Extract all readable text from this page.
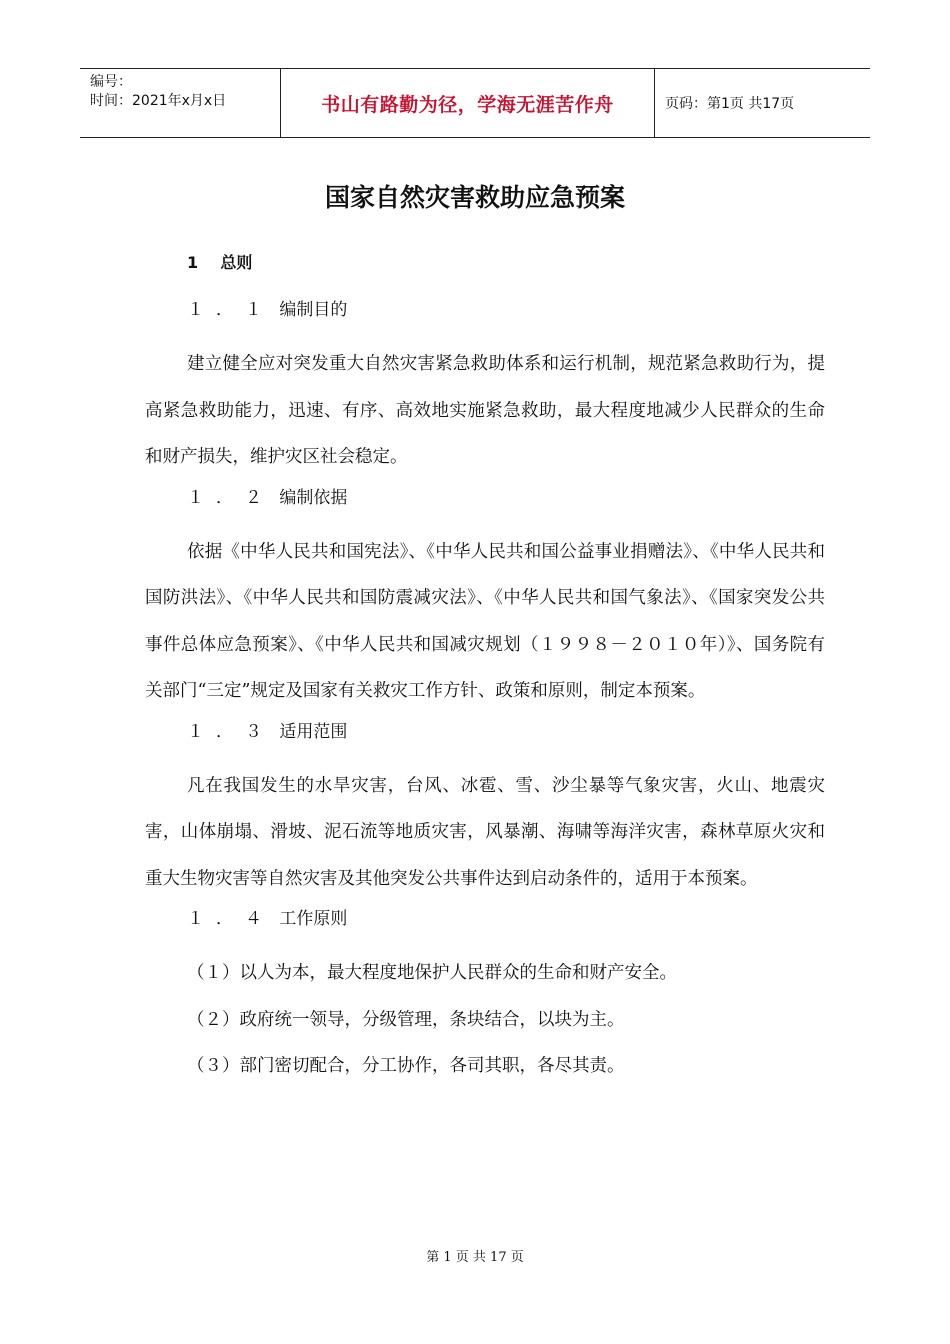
编号：
时间：2021年x月x日	书山有路勤为径，学海无涯苦作舟	页码：第1页 共17页
国家自然灾害救助应急预案
1 总则
１．１ 编制目的

建立健全应对突发重大自然灾害紧急救助体系和运行机制，规范紧急救助行为，提高紧急救助能力，迅速、有序、高效地实施紧急救助，最大程度地减少人民群众的生命和财产损失，维护灾区社会稳定。

１．２ 编制依据

依据《中华人民共和国宪法》、《中华人民共和国公益事业捐赠法》、《中华人民共和国防洪法》、《中华人民共和国防震减灾法》、《中华人民共和国气象法》、《国家突发公共事件总体应急预案》、《中华人民共和国减灾规划（１９９８－２０１０年）》、国务院有关部门“三定”规定及国家有关救灾工作方针、政策和原则，制定本预案。

１．３ 适用范围

凡在我国发生的水旱灾害，台风、冰雹、雪、沙尘暴等气象灾害，火山、地震灾害，山体崩塌、滑坡、泥石流等地质灾害，风暴潮、海啸等海洋灾害，森林草原火灾和重大生物灾害等自然灾害及其他突发公共事件达到启动条件的，适用于本预案。

１．４ 工作原则

（１）以人为本，最大程度地保护人民群众的生命和财产安全。

（２）政府统一领导，分级管理，条块结合，以块为主。

（３）部门密切配合，分工协作，各司其职，各尽其责。

第 1 页 共 17 页
